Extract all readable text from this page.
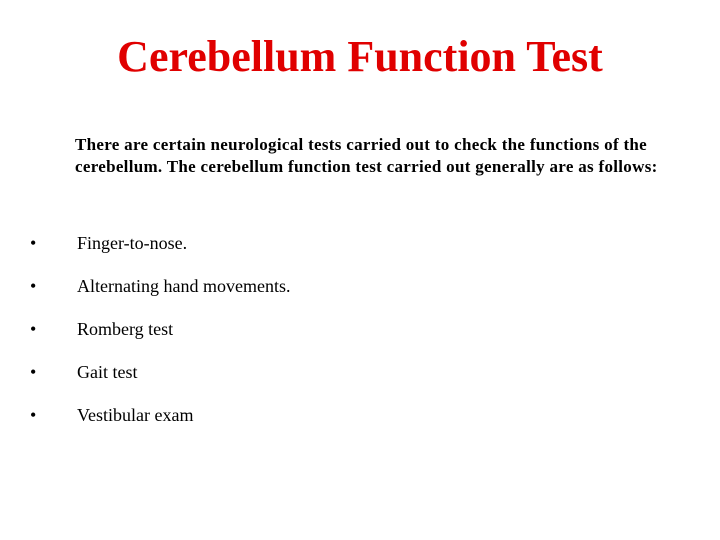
Cerebellum Function Test
There are certain neurological tests carried out to check the functions of the cerebellum. The cerebellum function test carried out generally are as follows:
•	Finger-to-nose.
•	Alternating hand movements.
•	Romberg test
•	Gait test
•	Vestibular exam
